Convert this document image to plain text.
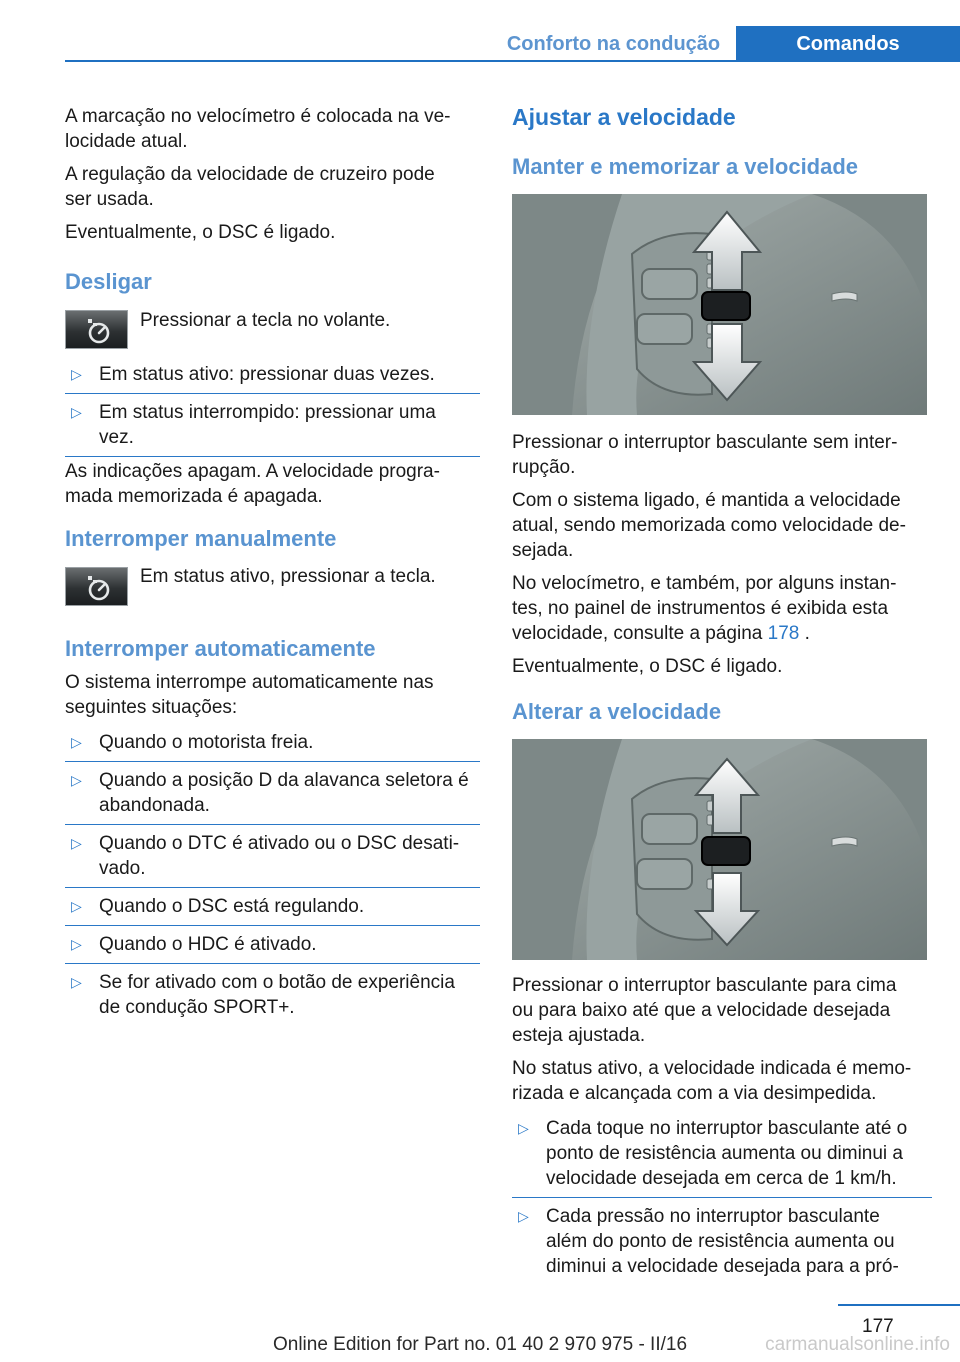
Conforto na condução	Comandos

A marcação no velocímetro é colocada na ve‐
locidade atual.

A regulação da velocidade de cruzeiro pode
ser usada.

Eventualmente, o DSC é ligado.

Desligar
Pressionar a tecla no volante.
▷ Em status ativo: pressionar duas vezes.
▷ Em status interrompido: pressionar uma
vez.

As indicações apagam. A velocidade progra‐
mada memorizada é apagada.

Interromper manualmente
Em status ativo, pressionar a tecla.
Interromper automaticamente

O sistema interrompe automaticamente nas
seguintes situações:

▷ Quando o motorista freia.
▷ Quando a posição D da alavanca seletora é
abandonada.
▷ Quando o DTC é ativado ou o DSC desati‐
vado.
▷ Quando o DSC está regulando.
▷ Quando o HDC é ativado.
▷ Se for ativado com o botão de experiência
de condução SPORT+.
Ajustar a velocidade
Manter e memorizar a velocidade

Pressionar o interruptor basculante sem inter‐
rupção.

Com o sistema ligado, é mantida a velocidade
atual, sendo memorizada como velocidade de‐
sejada.

No velocímetro, e também, por alguns instan‐
tes, no painel de instrumentos é exibida esta
velocidade, consulte a página 178 .

Eventualmente, o DSC é ligado.

Alterar a velocidade

Pressionar o interruptor basculante para cima
ou para baixo até que a velocidade desejada
esteja ajustada.

No status ativo, a velocidade indicada é memo‐
rizada e alcançada com a via desimpedida.

▷ Cada toque no interruptor basculante até o
ponto de resistência aumenta ou diminui a
velocidade desejada em cerca de 1 km/h.
▷ Cada pressão no interruptor basculante
além do ponto de resistência aumenta ou
diminui a velocidade desejada para a pró‐
177
carmanualsonline.info
Online Edition for Part no. 01 40 2 970 975 - II/16
